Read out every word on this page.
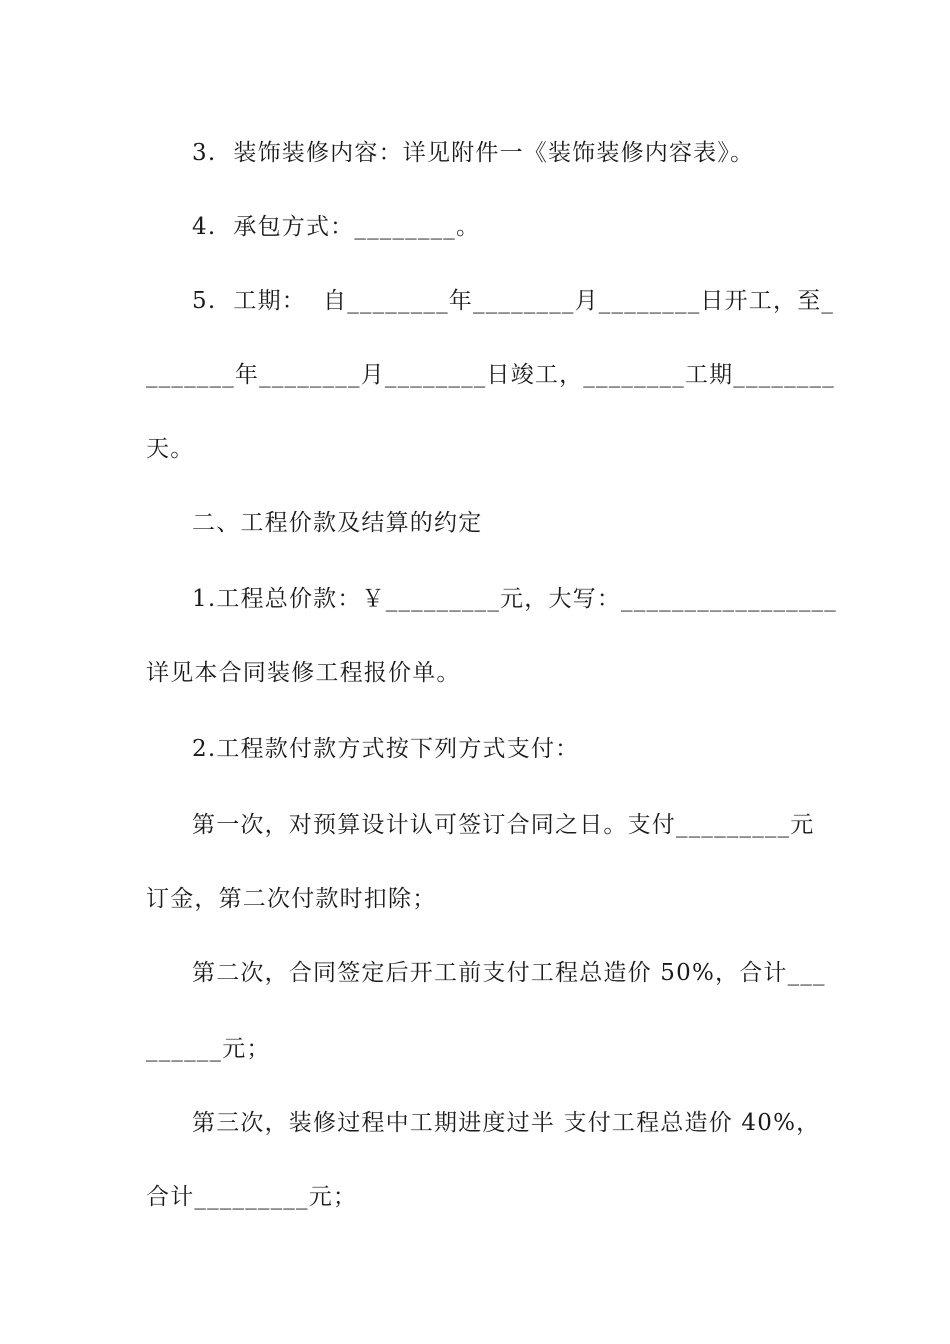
3.  装饰装修内容：详见附件一《装饰装修内容表》。
4.  承包方式：________。
5.  工期：  自________年________月________日开工，至_
_______年________月________日竣工，________工期________
天。
二、工程价款及结算的约定
1.工程总价款：￥_________元，大写：_________________
详见本合同装修工程报价单。
2.工程款付款方式按下列方式支付：
第一次，对预算设计认可签订合同之日。支付_________元
订金，第二次付款时扣除；
第二次，合同签定后开工前支付工程总造价 50%，合计___
______元；
第三次，装修过程中工期进度过半 支付工程总造价 40%，
合计_________元；
